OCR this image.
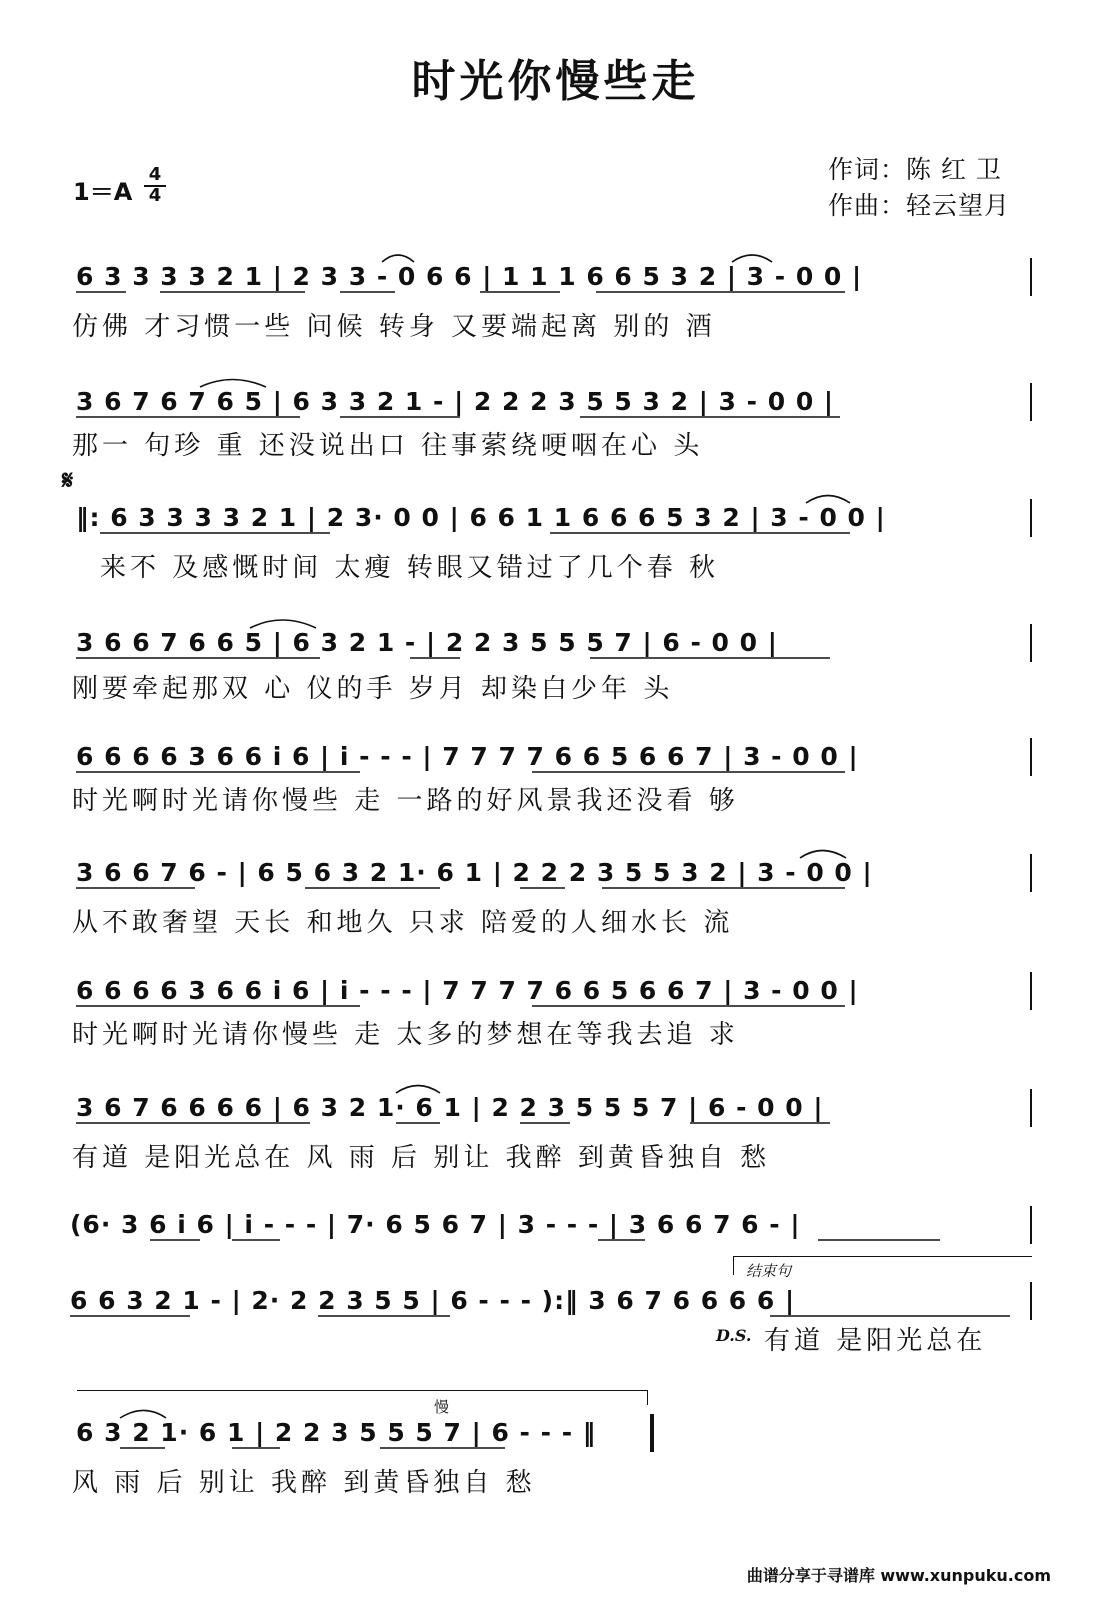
时光你慢些走
1＝A
4
4
作词：陈 红 卫
作曲：轻云望月
6 3 3 3 3 2 1 | 2 3 3 - 0 6 6 | 1 1 1 6 6 5 3 2 | 3 - 0 0 |
仿佛 才习惯一些 问候 转身 又要端起离 别的 酒
3 6 7 6 7 6 5 | 6 3 3 2 1 - | 2 2 2 3 5 5 3 2 | 3 - 0 0 |
那一 句珍 重 还没说出口 往事萦绕哽咽在心 头
𝄋
‖: 6 3 3 3 3 2 1 | 2 3· 0 0 | 6 6 1 1 6 6 6 5 3 2 | 3 - 0 0 |
来不 及感慨时间 太瘦 转眼又错过了几个春 秋
3 6 6 7 6 6 5 | 6 3 2 1 - | 2 2 3 5 5 5 7 | 6 - 0 0 |
刚要牵起那双 心 仪的手 岁月 却染白少年 头
6 6 6 6 3 6 6 i 6 | i - - - | 7 7 7 7 6 6 5 6 6 7 | 3 - 0 0 |
时光啊时光请你慢些 走 一路的好风景我还没看 够
3 6 6 7 6 - | 6 5 6 3 2 1· 6 1 | 2 2 2 3 5 5 3 2 | 3 - 0 0 |
从不敢奢望 天长 和地久 只求 陪爱的人细水长 流
6 6 6 6 3 6 6 i 6 | i - - - | 7 7 7 7 6 6 5 6 6 7 | 3 - 0 0 |
时光啊时光请你慢些 走 太多的梦想在等我去追 求
3 6 7 6 6 6 6 | 6 3 2 1· 6 1 | 2 2 3 5 5 5 7 | 6 - 0 0 |
有道 是阳光总在 风 雨 后 别让 我醉 到黄昏独自 愁
(6· 3 6 i 6 | i - - - | 7· 6 5 6 7 | 3 - - - | 3 6 6 7 6 - |
结束句
6 6 3 2 1 - | 2· 2 2 3 5 5 | 6 - - - ):‖ 3 6 7 6 6 6 6 |
D.S. 有道 是阳光总在
慢
6 3 2 1· 6 1 | 2 2 3 5 5 5 7 | 6 - - - ‖
风 雨 后 别让 我醉 到黄昏独自 愁
曲谱分享于寻谱库 www.xunpuku.com
